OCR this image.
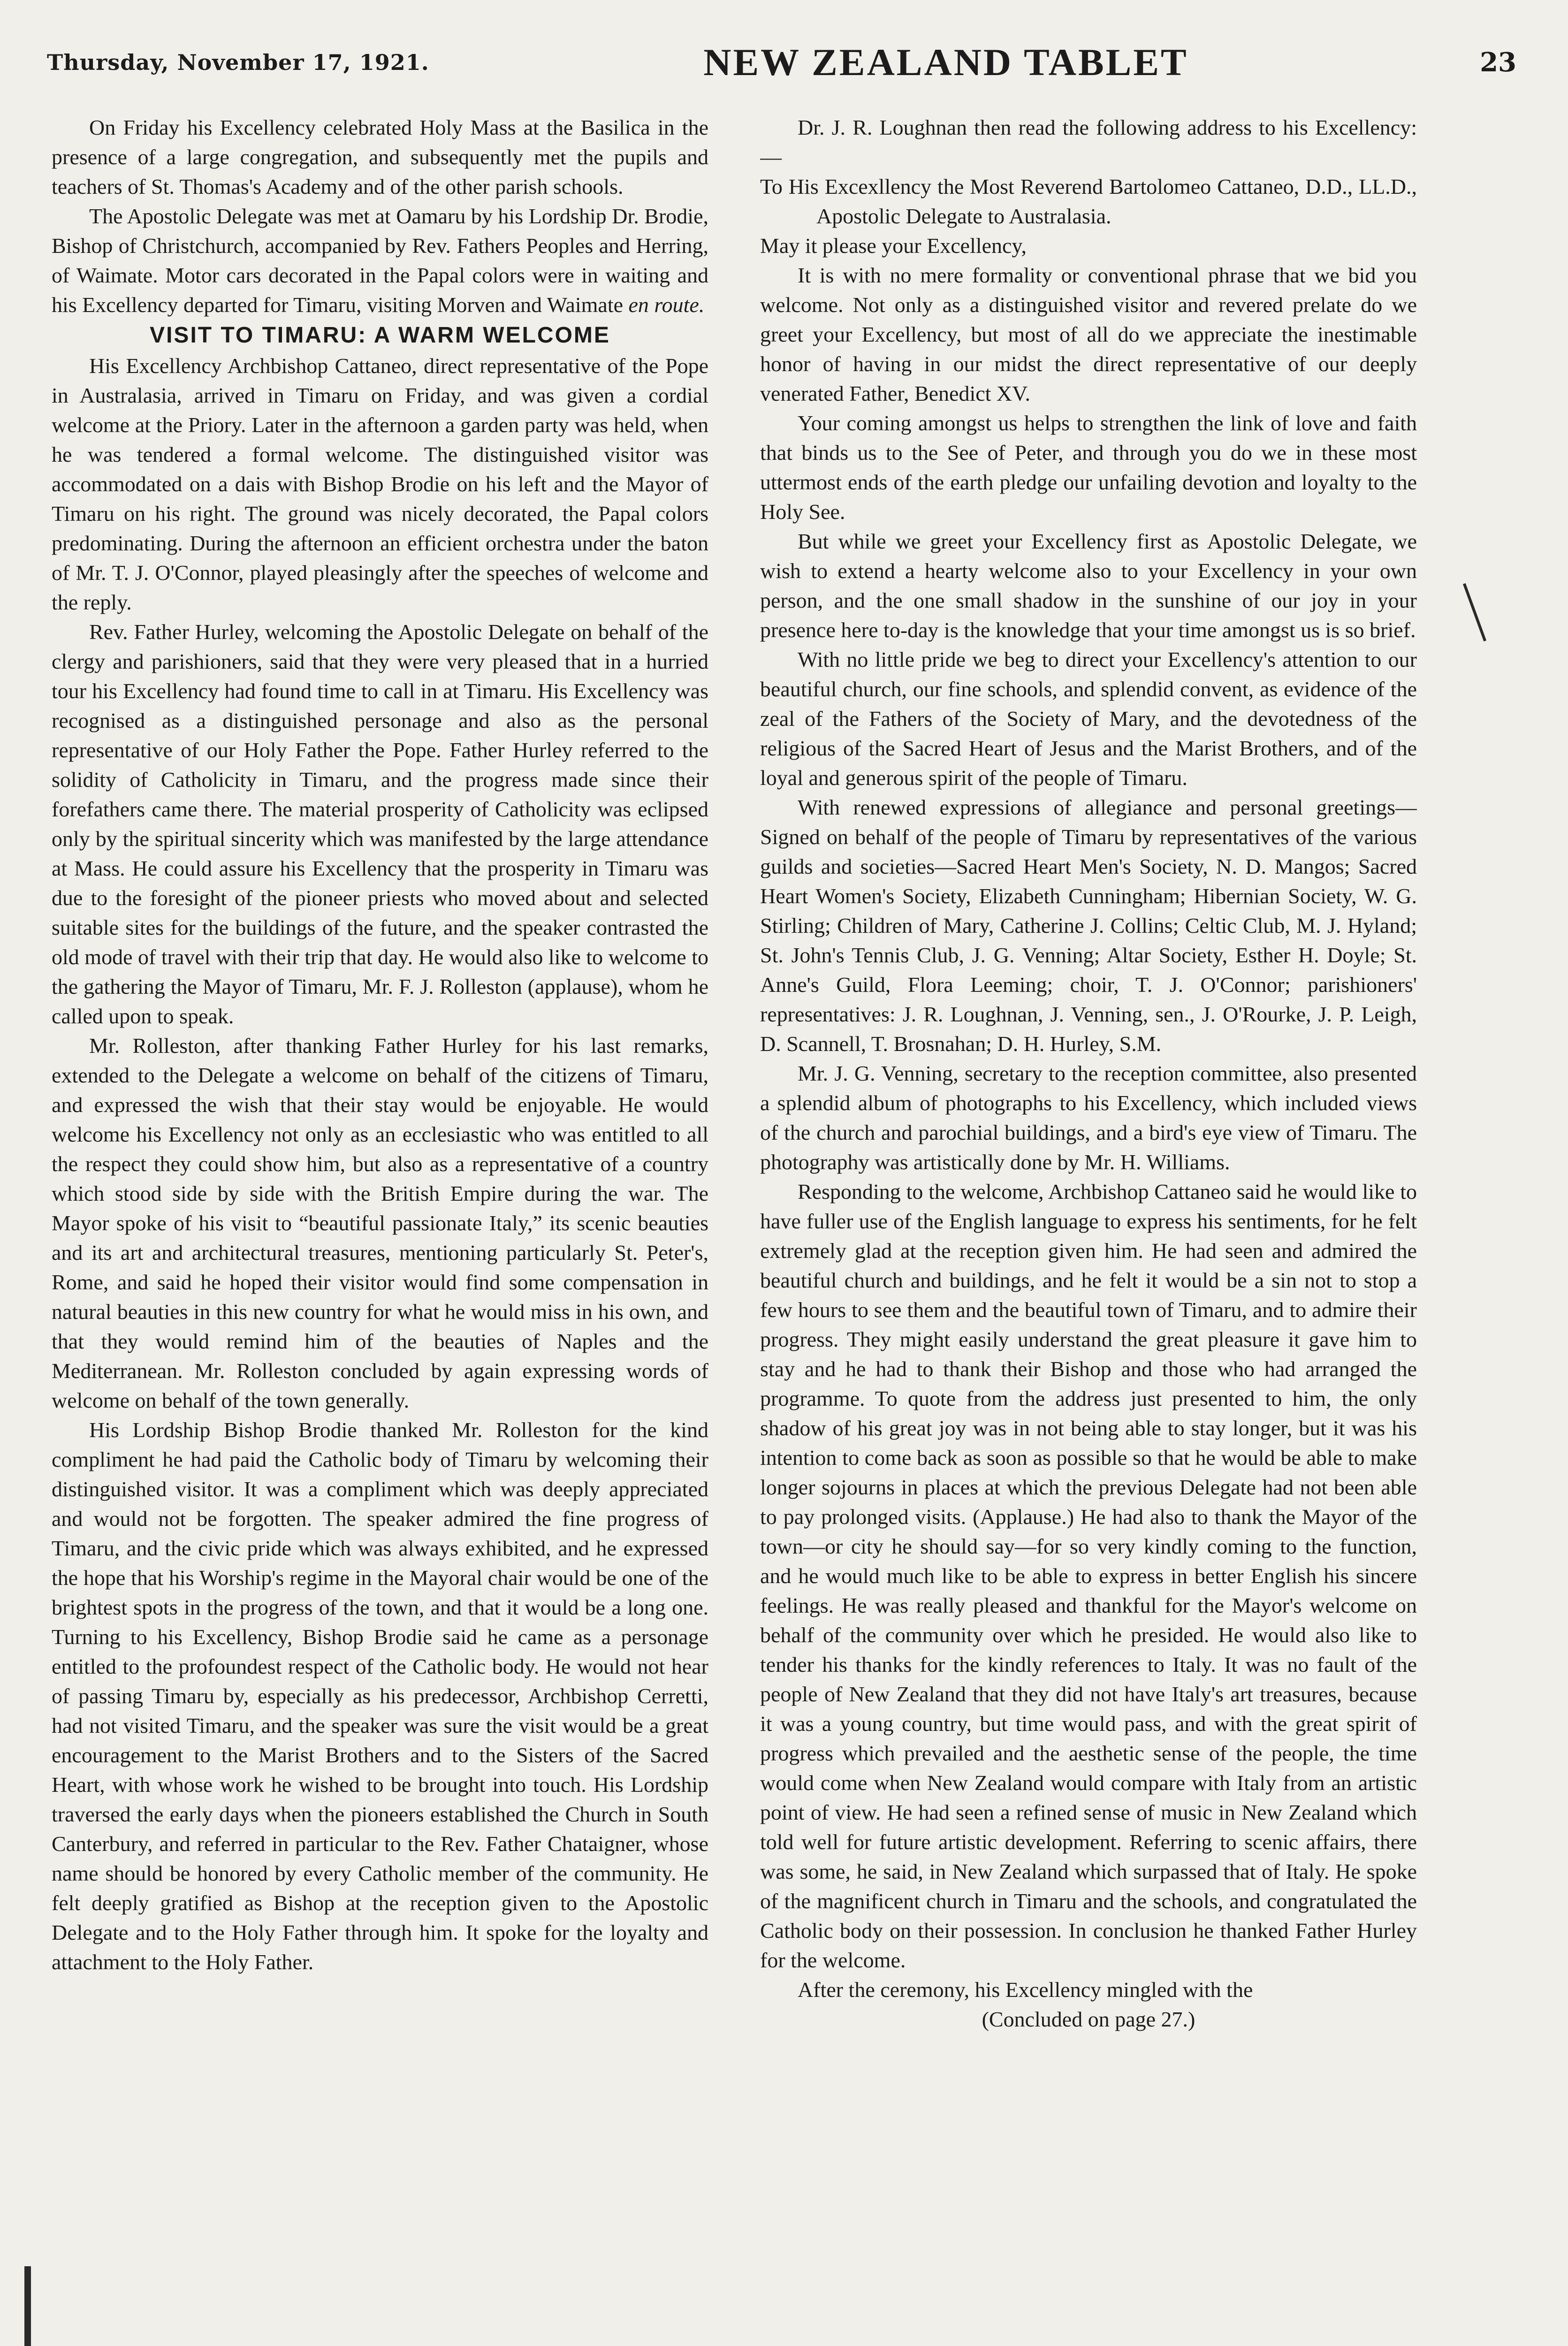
Thursday, November 17, 1921.	NEW ZEALAND TABLET	23

On Friday his Excellency celebrated Holy Mass at the Basilica in the presence of a large congregation, and subsequently met the pupils and teachers of St. Thomas's Academy and of the other parish schools.

The Apostolic Delegate was met at Oamaru by his Lordship Dr. Brodie, Bishop of Christchurch, accompanied by Rev. Fathers Peoples and Herring, of Waimate. Motor cars decorated in the Papal colors were in waiting and his Excellency departed for Timaru, visiting Morven and Waimate en route.

VISIT TO TIMARU: A WARM WELCOME

His Excellency Archbishop Cattaneo, direct representative of the Pope in Australasia, arrived in Timaru on Friday, and was given a cordial welcome at the Priory. Later in the afternoon a garden party was held, when he was tendered a formal welcome. The distinguished visitor was accommodated on a dais with Bishop Brodie on his left and the Mayor of Timaru on his right. The ground was nicely decorated, the Papal colors predominating. During the afternoon an efficient orchestra under the baton of Mr. T. J. O'Connor, played pleasingly after the speeches of welcome and the reply.

Rev. Father Hurley, welcoming the Apostolic Delegate on behalf of the clergy and parishioners, said that they were very pleased that in a hurried tour his Excellency had found time to call in at Timaru. His Excellency was recognised as a distinguished personage and also as the personal representative of our Holy Father the Pope. Father Hurley referred to the solidity of Catholicity in Timaru, and the progress made since their forefathers came there. The material prosperity of Catholicity was eclipsed only by the spiritual sincerity which was manifested by the large attendance at Mass. He could assure his Excellency that the prosperity in Timaru was due to the foresight of the pioneer priests who moved about and selected suitable sites for the buildings of the future, and the speaker contrasted the old mode of travel with their trip that day. He would also like to welcome to the gathering the Mayor of Timaru, Mr. F. J. Rolleston (applause), whom he called upon to speak.

Mr. Rolleston, after thanking Father Hurley for his last remarks, extended to the Delegate a welcome on behalf of the citizens of Timaru, and expressed the wish that their stay would be enjoyable. He would welcome his Excellency not only as an ecclesiastic who was entitled to all the respect they could show him, but also as a representative of a country which stood side by side with the British Empire during the war. The Mayor spoke of his visit to “beautiful passionate Italy,” its scenic beauties and its art and architectural treasures, mentioning particularly St. Peter's, Rome, and said he hoped their visitor would find some compensation in natural beauties in this new country for what he would miss in his own, and that they would remind him of the beauties of Naples and the Mediterranean. Mr. Rolleston concluded by again expressing words of welcome on behalf of the town generally.

His Lordship Bishop Brodie thanked Mr. Rolleston for the kind compliment he had paid the Catholic body of Timaru by welcoming their distinguished visitor. It was a compliment which was deeply appreciated and would not be forgotten. The speaker admired the fine progress of Timaru, and the civic pride which was always exhibited, and he expressed the hope that his Worship's regime in the Mayoral chair would be one of the brightest spots in the progress of the town, and that it would be a long one. Turning to his Excellency, Bishop Brodie said he came as a personage entitled to the profoundest respect of the Catholic body. He would not hear of passing Timaru by, especially as his predecessor, Archbishop Cerretti, had not visited Timaru, and the speaker was sure the visit would be a great encouragement to the Marist Brothers and to the Sisters of the Sacred Heart, with whose work he wished to be brought into touch. His Lordship traversed the early days when the pioneers established the Church in South Canterbury, and referred in particular to the Rev. Father Chataigner, whose name should be honored by every Catholic member of the community. He felt deeply gratified as Bishop at the reception given to the Apostolic Delegate and to the Holy Father through him. It spoke for the loyalty and attachment to the Holy Father.

Dr. J. R. Loughnan then read the following address to his Excellency:—

To His Excexllency the Most Reverend Bartolomeo Cattaneo, D.D., LL.D., Apostolic Delegate to Australasia.

May it please your Excellency,

It is with no mere formality or conventional phrase that we bid you welcome. Not only as a distinguished visitor and revered prelate do we greet your Excellency, but most of all do we appreciate the inestimable honor of having in our midst the direct representative of our deeply venerated Father, Benedict XV.

Your coming amongst us helps to strengthen the link of love and faith that binds us to the See of Peter, and through you do we in these most uttermost ends of the earth pledge our unfailing devotion and loyalty to the Holy See.

But while we greet your Excellency first as Apostolic Delegate, we wish to extend a hearty welcome also to your Excellency in your own person, and the one small shadow in the sunshine of our joy in your presence here to-day is the knowledge that your time amongst us is so brief.

With no little pride we beg to direct your Excellency's attention to our beautiful church, our fine schools, and splendid convent, as evidence of the zeal of the Fathers of the Society of Mary, and the devotedness of the religious of the Sacred Heart of Jesus and the Marist Brothers, and of the loyal and generous spirit of the people of Timaru.

With renewed expressions of allegiance and personal greetings—Signed on behalf of the people of Timaru by representatives of the various guilds and societies—Sacred Heart Men's Society, N. D. Mangos; Sacred Heart Women's Society, Elizabeth Cunningham; Hibernian Society, W. G. Stirling; Children of Mary, Catherine J. Collins; Celtic Club, M. J. Hyland; St. John's Tennis Club, J. G. Venning; Altar Society, Esther H. Doyle; St. Anne's Guild, Flora Leeming; choir, T. J. O'Connor; parishioners' representatives: J. R. Loughnan, J. Venning, sen., J. O'Rourke, J. P. Leigh, D. Scannell, T. Brosnahan; D. H. Hurley, S.M.

Mr. J. G. Venning, secretary to the reception committee, also presented a splendid album of photographs to his Excellency, which included views of the church and parochial buildings, and a bird's eye view of Timaru. The photography was artistically done by Mr. H. Williams.

Responding to the welcome, Archbishop Cattaneo said he would like to have fuller use of the English language to express his sentiments, for he felt extremely glad at the reception given him. He had seen and admired the beautiful church and buildings, and he felt it would be a sin not to stop a few hours to see them and the beautiful town of Timaru, and to admire their progress. They might easily understand the great pleasure it gave him to stay and he had to thank their Bishop and those who had arranged the programme. To quote from the address just presented to him, the only shadow of his great joy was in not being able to stay longer, but it was his intention to come back as soon as possible so that he would be able to make longer sojourns in places at which the previous Delegate had not been able to pay prolonged visits. (Applause.) He had also to thank the Mayor of the town—or city he should say—for so very kindly coming to the function, and he would much like to be able to express in better English his sincere feelings. He was really pleased and thankful for the Mayor's welcome on behalf of the community over which he presided. He would also like to tender his thanks for the kindly references to Italy. It was no fault of the people of New Zealand that they did not have Italy's art treasures, because it was a young country, but time would pass, and with the great spirit of progress which prevailed and the aesthetic sense of the people, the time would come when New Zealand would compare with Italy from an artistic point of view. He had seen a refined sense of music in New Zealand which told well for future artistic development. Referring to scenic affairs, there was some, he said, in New Zealand which surpassed that of Italy. He spoke of the magnificent church in Timaru and the schools, and congratulated the Catholic body on their possession. In conclusion he thanked Father Hurley for the welcome.

After the ceremony, his Excellency mingled with the

(Concluded on page 27.)
